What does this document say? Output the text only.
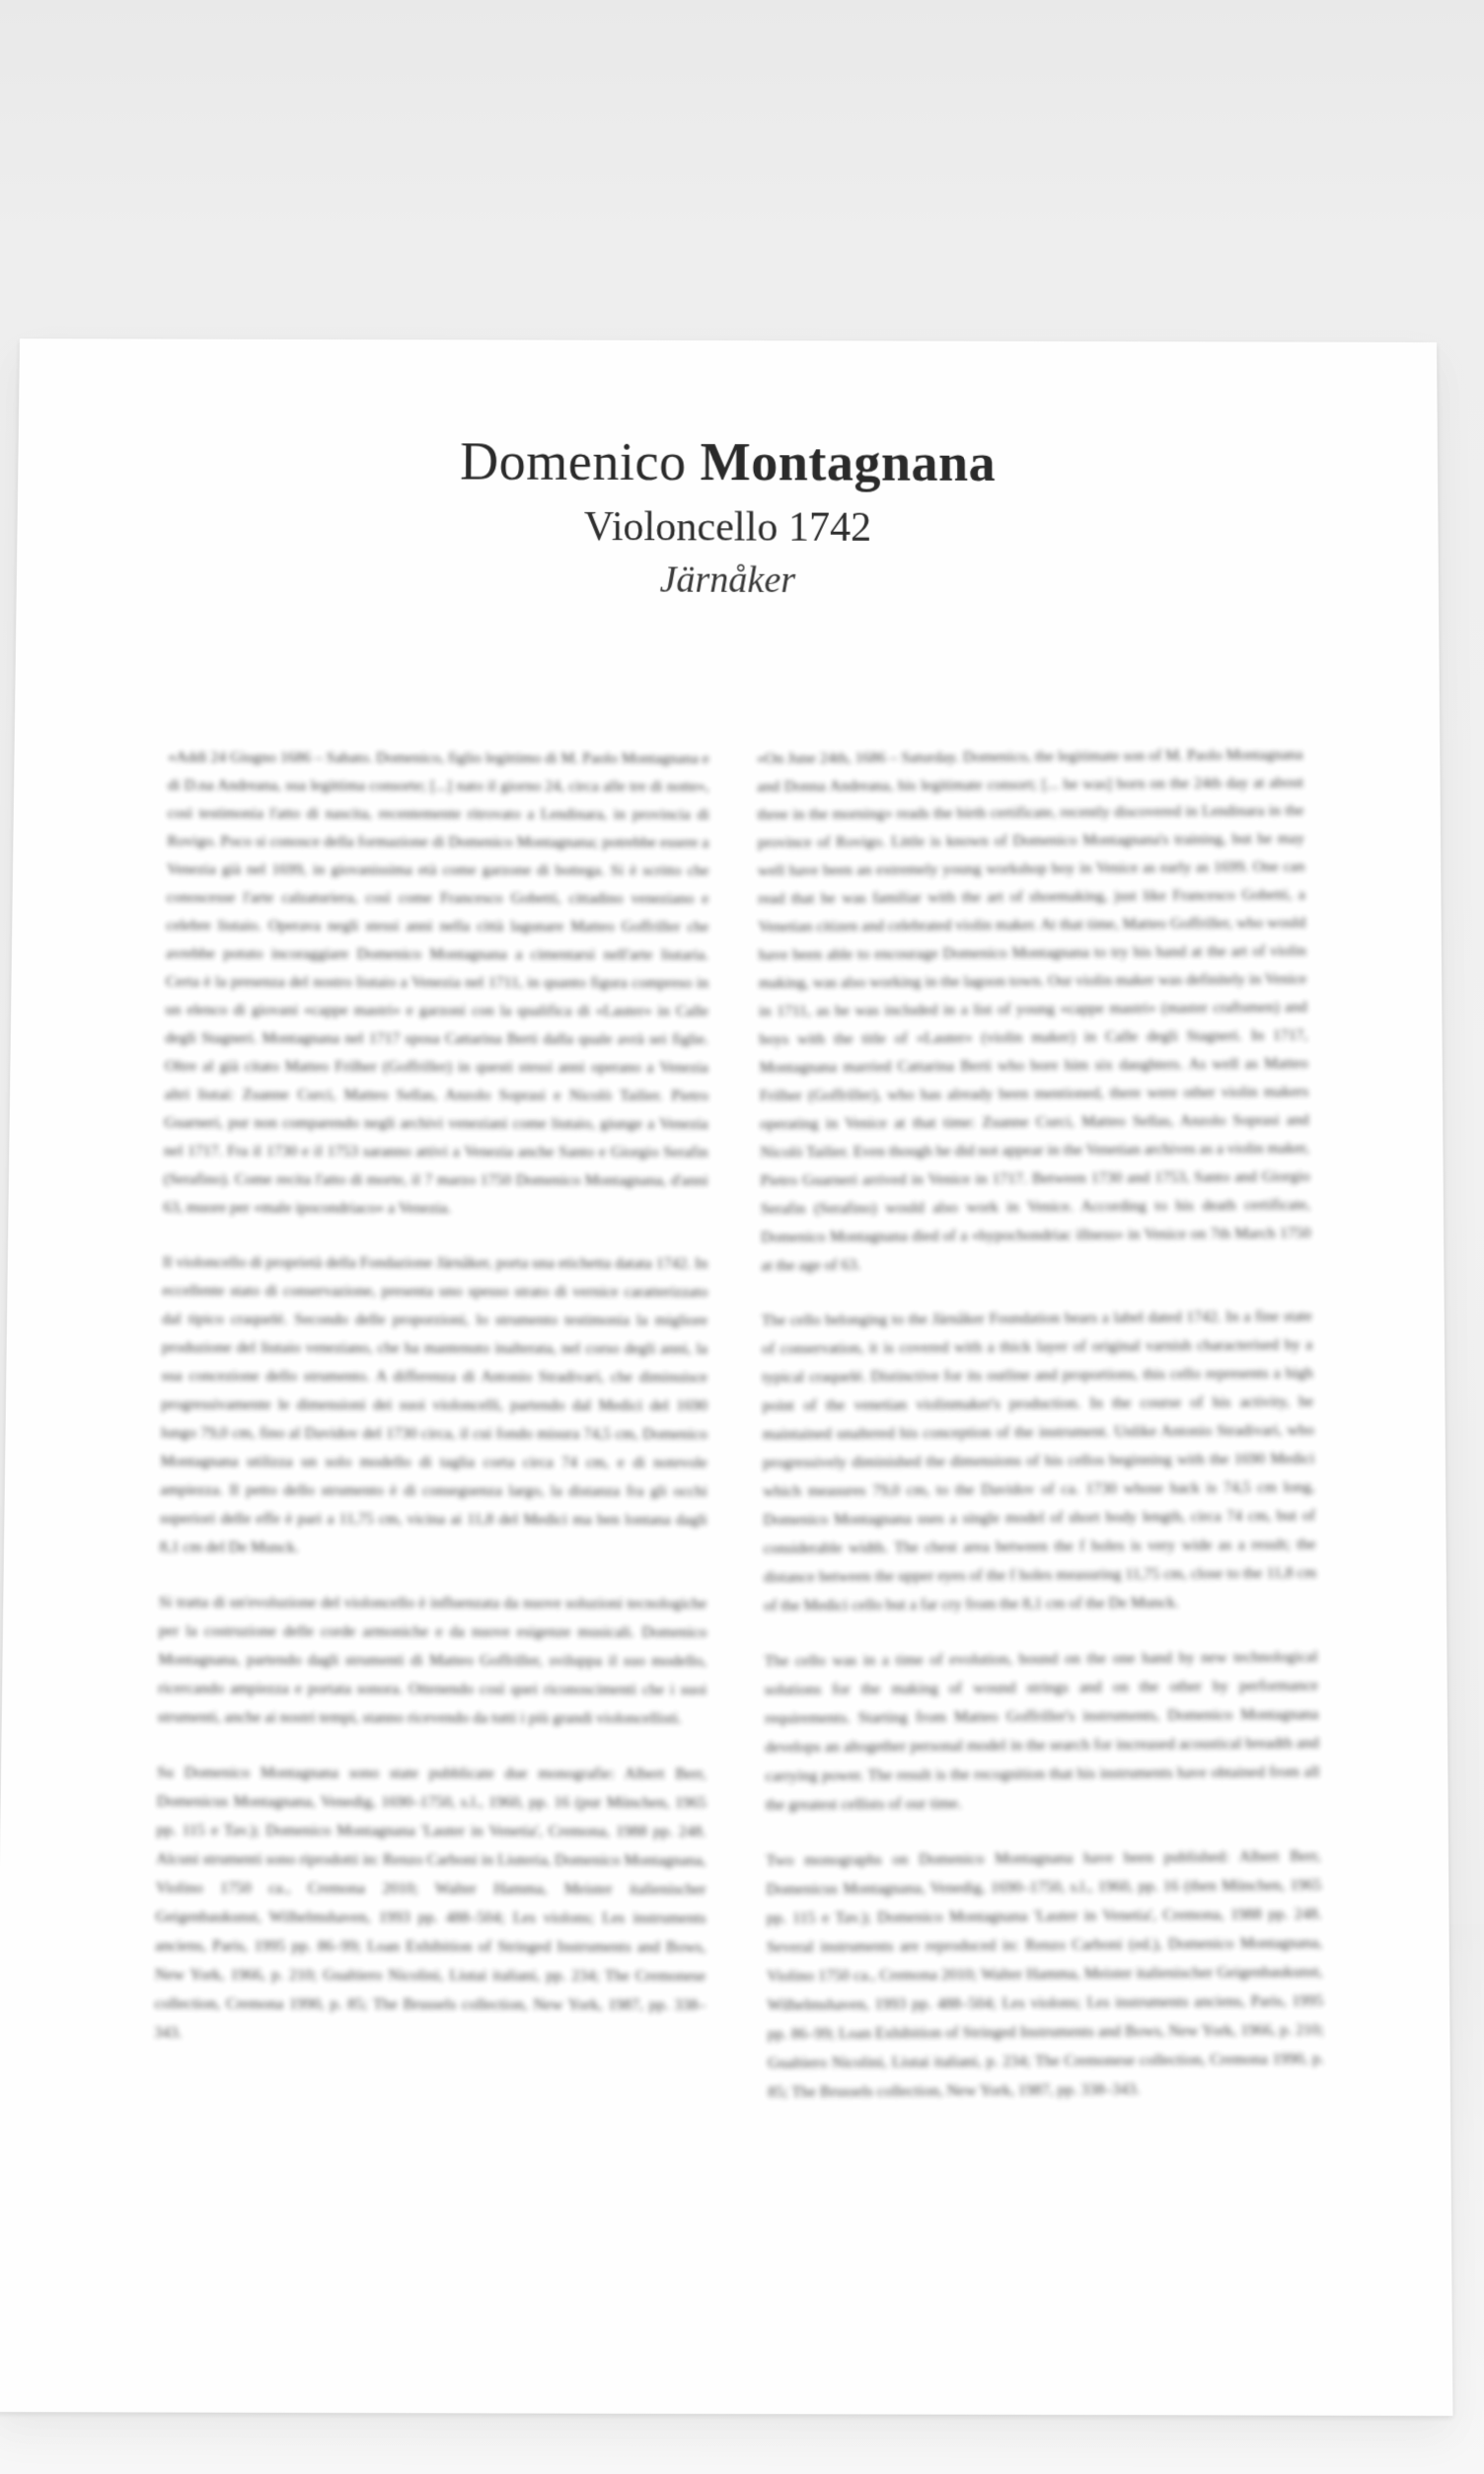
Domenico Montagnana
Violoncello 1742
Järnåker

«Addì 24 Giugno 1686 – Sabato. Domenico, figlio legittimo di M. Paolo Montagnana e di D.na Andreana, sua legittima consorte; [...] nato il giorno 24, circa alle tre di notte», così testimonia l'atto di nascita, recentemente ritrovato a Lendinara, in provincia di Rovigo. Poco si conosce della formazione di Domenico Montagnana; potrebbe essere a Venezia già nel 1699, in giovanissima età come garzone di bottega. Si è scritto che conoscesse l'arte calzaturiera, così come Francesco Gobetti, cittadino veneziano e celebre liutaio. Operava negli stessi anni nella città lagunare Matteo Goffriller che avrebbe potuto incoraggiare Domenico Montagnana a cimentarsi nell'arte liutaria. Certa è la presenza del nostro liutaio a Venezia nel 1711, in quanto figura compreso in un elenco di giovani «cappe mastri» e garzoni con la qualifica di «Lauter» in Calle degli Stagneri. Montagnana nel 1717 sposa Cattarina Berti dalla quale avrà sei figlie. Oltre al già citato Matteo Frilher (Goffriller) in questi stessi anni operano a Venezia altri liutai: Zuanne Curci, Matteo Sellas, Anzolo Soprasi e Nicolò Tailier. Pietro Guarneri, pur non comparendo negli archivi veneziani come liutaio, giunge a Venezia nel 1717. Fra il 1730 e il 1753 saranno attivi a Venezia anche Santo e Giorgio Serafin (Serafino). Come recita l'atto di morte, il 7 marzo 1750 Domenico Montagnana, d'anni 63, muore per «male ipocondriaco» a Venezia.

Il violoncello di proprietà della Fondazione Järnåker, porta una etichetta datata 1742. In eccellente stato di conservazione, presenta uno spesso strato di vernice caratterizzato dal tipico craquelé. Secondo delle proporzioni, lo strumento testimonia la migliore produzione del liutaio veneziano, che ha mantenuto inalterata, nel corso degli anni, la sua concezione dello strumento. A differenza di Antonio Stradivari, che diminuisce progressivamente le dimensioni dei suoi violoncelli, partendo dal Medici del 1690 lungo 79,0 cm, fino al Davidov del 1730 circa, il cui fondo misura 74,5 cm, Domenico Montagnana utilizza un solo modello di taglia corta circa 74 cm, e di notevole ampiezza. Il petto dello strumento è di conseguenza largo, la distanza fra gli occhi superiori delle effe è pari a 11,75 cm, vicina ai 11,8 del Medici ma ben lontana dagli 8,1 cm del De Munck.

Si tratta di un'evoluzione del violoncello è influenzata da nuove soluzioni tecnologiche per la costruzione delle corde armoniche e da nuove esigenze musicali. Domenico Montagnana, partendo dagli strumenti di Matteo Goffriller, sviluppa il suo modello, ricercando ampiezza e portata sonora. Ottenendo così quei riconoscimenti che i suoi strumenti, anche ai nostri tempi, stanno ricevendo da tutti i più grandi violoncellisti.

Su Domenico Montagnana sono state pubblicate due monografie: Albert Berr, Domenicus Montagnana, Venedig, 1690–1750, s.l., 1960, pp. 16 (pur München, 1965 pp. 115 e Tav.); Domenico Montagnana 'Lauter in Venetia', Cremona, 1988 pp. 248. Alcuni strumenti sono riprodotti in: Renzo Carboni in Liuteria, Domenico Montagnana, Violino 1750 ca., Cremona 2010; Walter Hamma, Meister italienischer Geigenbaukunst, Wilhelmshaven, 1993 pp. 488–504; Les violons; Les instruments anciens, Paris, 1995 pp. 86–99; Loan Exhibition of Stringed Instruments and Bows, New York, 1966, p. 210; Gualtiero Nicolini, Liutai italiani, pp. 234; The Cremonese collection, Cremona 1990, p. 85; The Brussels collection, New York, 1987, pp. 338–343.

«On June 24th, 1686 – Saturday. Domenico, the legitimate son of M. Paolo Montagnana and Donna Andreana, his legitimate consort; [... he was] born on the 24th day at about three in the morning» reads the birth certificate, recently discovered in Lendinara in the province of Rovigo. Little is known of Domenico Montagnana's training, but he may well have been an extremely young workshop boy in Venice as early as 1699. One can read that he was familiar with the art of shoemaking, just like Francesco Gobetti, a Venetian citizen and celebrated violin maker. At that time, Matteo Goffriller, who would have been able to encourage Domenico Montagnana to try his hand at the art of violin making, was also working in the lagoon town. Our violin maker was definitely in Venice in 1711, as he was included in a list of young «cappe mastri» (master craftsmen) and boys with the title of «Lauter» (violin maker) in Calle degli Stagneri. In 1717, Montagnana married Cattarina Berti who bore him six daughters. As well as Matteo Frilher (Goffriller), who has already been mentioned, there were other violin makers operating in Venice at that time: Zuanne Curci, Matteo Sellas, Anzolo Soprasi and Nicolò Tailier. Even though he did not appear in the Venetian archives as a violin maker, Pietro Guarneri arrived in Venice in 1717. Between 1730 and 1753, Santo and Giorgio Serafin (Serafino) would also work in Venice. According to his death certificate, Domenico Montagnana died of a «hypochondriac illness» in Venice on 7th March 1750 at the age of 63.

The cello belonging to the Järnåker Foundation bears a label dated 1742. In a fine state of conservation, it is covered with a thick layer of original varnish characterised by a typical craquelé. Distinctive for its outline and proportions, this cello represents a high point of the venetian violinmaker's production. In the course of his activity, he maintained unaltered his conception of the instrument. Unlike Antonio Stradivari, who progressively diminished the dimensions of his cellos beginning with the 1690 Medici which measures 79,0 cm, to the Davidov of ca. 1730 whose back is 74,5 cm long, Domenico Montagnana uses a single model of short body length, circa 74 cm, but of considerable width. The chest area between the f holes is very wide as a result; the distance between the upper eyes of the f holes measuring 11,75 cm, close to the 11,8 cm of the Medici cello but a far cry from the 8,1 cm of the De Munck.

The cello was in a time of evolution, bound on the one hand by new technological solutions for the making of wound strings and on the other by performance requirements. Starting from Matteo Goffriller's instruments, Domenico Montagnana develops an altogether personal model in the search for increased acoustical breadth and carrying power. The result is the recognition that his instruments have obtained from all the greatest cellists of our time.

Two monographs on Domenico Montagnana have been published: Albert Berr, Domenicus Montagnana, Venedig, 1690–1750, s.l., 1960, pp. 16 (then München, 1965 pp. 115 e Tav.); Domenico Montagnana 'Lauter in Venetia', Cremona, 1988 pp. 248. Several instruments are reproduced in: Renzo Carboni (ed.), Domenico Montagnana, Violino 1750 ca., Cremona 2010; Walter Hamma, Meister italienischer Geigenbaukunst, Wilhelmshaven, 1993 pp. 488–504; Les violons; Les instruments anciens, Paris, 1995 pp. 86–99; Loan Exhibition of Stringed Instruments and Bows, New York, 1966, p. 210; Gualtiero Nicolini, Liutai italiani, p. 234; The Cremonese collection, Cremona 1990, p. 85; The Brussels collection, New York, 1987, pp. 338–343.
